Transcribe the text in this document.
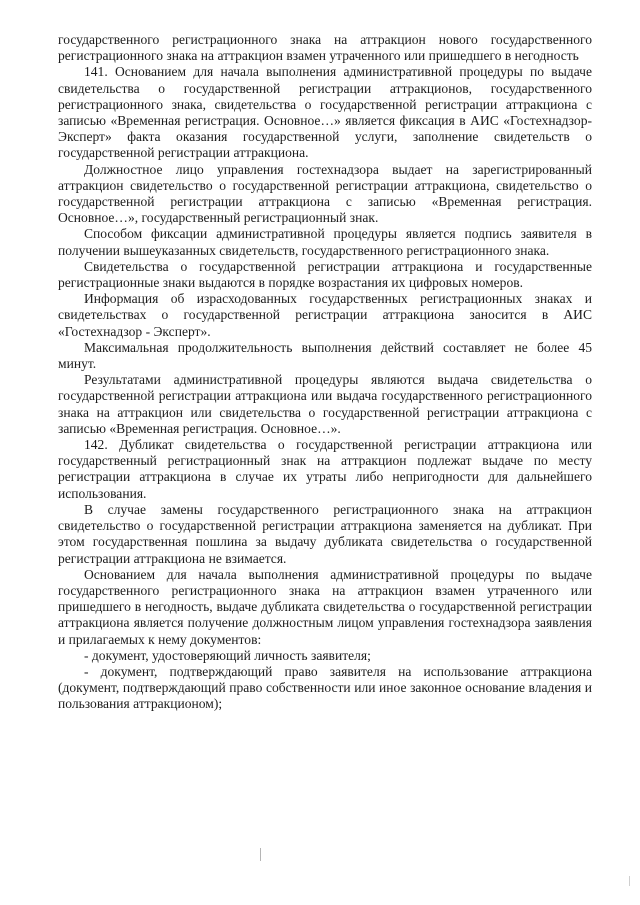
государственного регистрационного знака на аттракцион нового государственного регистрационного знака на аттракцион взамен утраченного или пришедшего в негодность

141. Основанием для начала выполнения административной процедуры по выдаче свидетельства о государственной регистрации аттракционов, государственного регистрационного знака, свидетельства о государственной регистрации аттракциона с записью «Временная регистрация. Основное…» является фиксация в АИС «Гостехнадзор- Эксперт» факта оказания государственной услуги, заполнение свидетельств о государственной регистрации аттракциона.

Должностное лицо управления гостехнадзора выдает на зарегистрированный аттракцион свидетельство о государственной регистрации аттракциона, свидетельство о государственной регистрации аттракциона с записью «Временная регистрация. Основное…», государственный регистрационный знак.

Способом фиксации административной процедуры является подпись заявителя в получении вышеуказанных свидетельств, государственного регистрационного знака.

Свидетельства о государственной регистрации аттракциона и государственные регистрационные знаки выдаются в порядке возрастания их цифровых номеров.

Информация об израсходованных государственных регистрационных знаках и свидетельствах о государственной регистрации аттракциона заносится в АИС «Гостехнадзор - Эксперт».

Максимальная продолжительность выполнения действий составляет не более 45 минут.

Результатами административной процедуры являются выдача свидетельства о государственной регистрации аттракциона или выдача государственного регистрационного знака на аттракцион или свидетельства о государственной регистрации аттракциона с записью «Временная регистрация. Основное…».

142. Дубликат свидетельства о государственной регистрации аттракциона или государственный регистрационный знак на аттракцион подлежат выдаче по месту регистрации аттракциона в случае их утраты либо непригодности для дальнейшего использования.

В случае замены государственного регистрационного знака на аттракцион свидетельство о государственной регистрации аттракциона заменяется на дубликат. При этом государственная пошлина за выдачу дубликата свидетельства о государственной регистрации аттракциона не взимается.

Основанием для начала выполнения административной процедуры по выдаче государственного регистрационного знака на аттракцион взамен утраченного или пришедшего в негодность, выдаче дубликата свидетельства о государственной регистрации аттракциона является получение должностным лицом управления гостехнадзора заявления и прилагаемых к нему документов:

- документ, удостоверяющий личность заявителя;

- документ, подтверждающий право заявителя на использование аттракциона (документ, подтверждающий право собственности или иное законное основание владения и пользования аттракционом);
